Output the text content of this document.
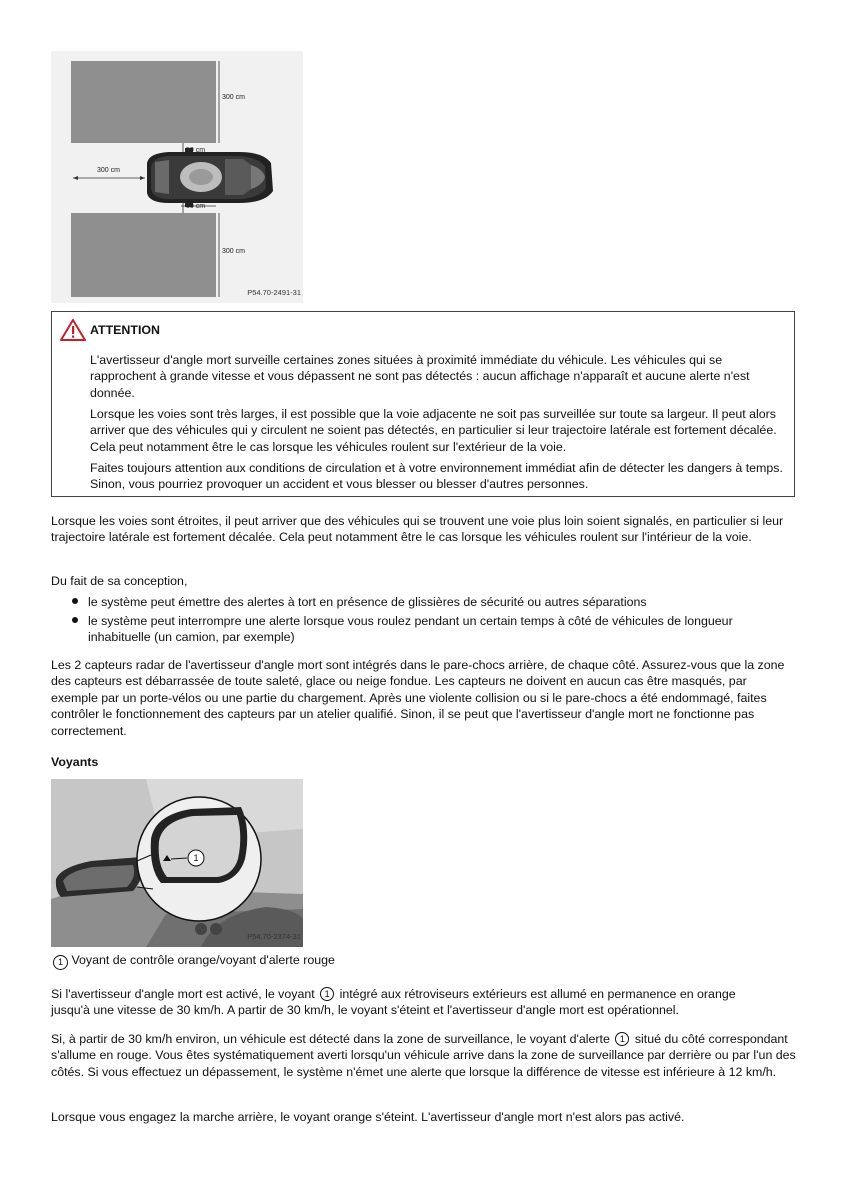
300 cm
50 cm
300 cm
50 cm
300 cm
P54.70-2491-31
ATTENTION

L'avertisseur d'angle mort surveille certaines zones situées à proximité immédiate du véhicule. Les véhicules qui se rapprochent à grande vitesse et vous dépassent ne sont pas détectés : aucun affichage n'apparaît et aucune alerte n'est donnée.

Lorsque les voies sont très larges, il est possible que la voie adjacente ne soit pas surveillée sur toute sa largeur. Il peut alors arriver que des véhicules qui y circulent ne soient pas détectés, en particulier si leur trajectoire latérale est fortement décalée. Cela peut notamment être le cas lorsque les véhicules roulent sur l'extérieur de la voie.

Faites toujours attention aux conditions de circulation et à votre environnement immédiat afin de détecter les dangers à temps. Sinon, vous pourriez provoquer un accident et vous blesser ou blesser d'autres personnes.

Lorsque les voies sont étroites, il peut arriver que des véhicules qui se trouvent une voie plus loin soient signalés, en particulier si leur trajectoire latérale est fortement décalée. Cela peut notamment être le cas lorsque les véhicules roulent sur l'intérieur de la voie.

Du fait de sa conception,

le système peut émettre des alertes à tort en présence de glissières de sécurité ou autres séparations

le système peut interrompre une alerte lorsque vous roulez pendant un certain temps à côté de véhicules de longueur inhabituelle (un camion, par exemple)

Les 2 capteurs radar de l'avertisseur d'angle mort sont intégrés dans le pare-chocs arrière, de chaque côté. Assurez-vous que la zone des capteurs est débarrassée de toute saleté, glace ou neige fondue. Les capteurs ne doivent en aucun cas être masqués, par exemple par un porte-vélos ou une partie du chargement. Après une violente collision ou si le pare-chocs a été endommagé, faites contrôler le fonctionnement des capteurs par un atelier qualifié. Sinon, il se peut que l'avertisseur d'angle mort ne fonctionne pas correctement.

Voyants
1
P54.70-2374-31
1 Voyant de contrôle orange/voyant d'alerte rouge

Si l'avertisseur d'angle mort est activé, le voyant 1 intégré aux rétroviseurs extérieurs est allumé en permanence en orange
jusqu'à une vitesse de 30 km/h. A partir de 30 km/h, le voyant s'éteint et l'avertisseur d'angle mort est opérationnel.

Si, à partir de 30 km/h environ, un véhicule est détecté dans la zone de surveillance, le voyant d'alerte 1 situé du côté correspondant s'allume en rouge. Vous êtes systématiquement averti lorsqu'un véhicule arrive dans la zone de surveillance par derrière ou par l'un des côtés. Si vous effectuez un dépassement, le système n'émet une alerte que lorsque la différence de vitesse est inférieure à 12 km/h.

Lorsque vous engagez la marche arrière, le voyant orange s'éteint. L'avertisseur d'angle mort n'est alors pas activé.
